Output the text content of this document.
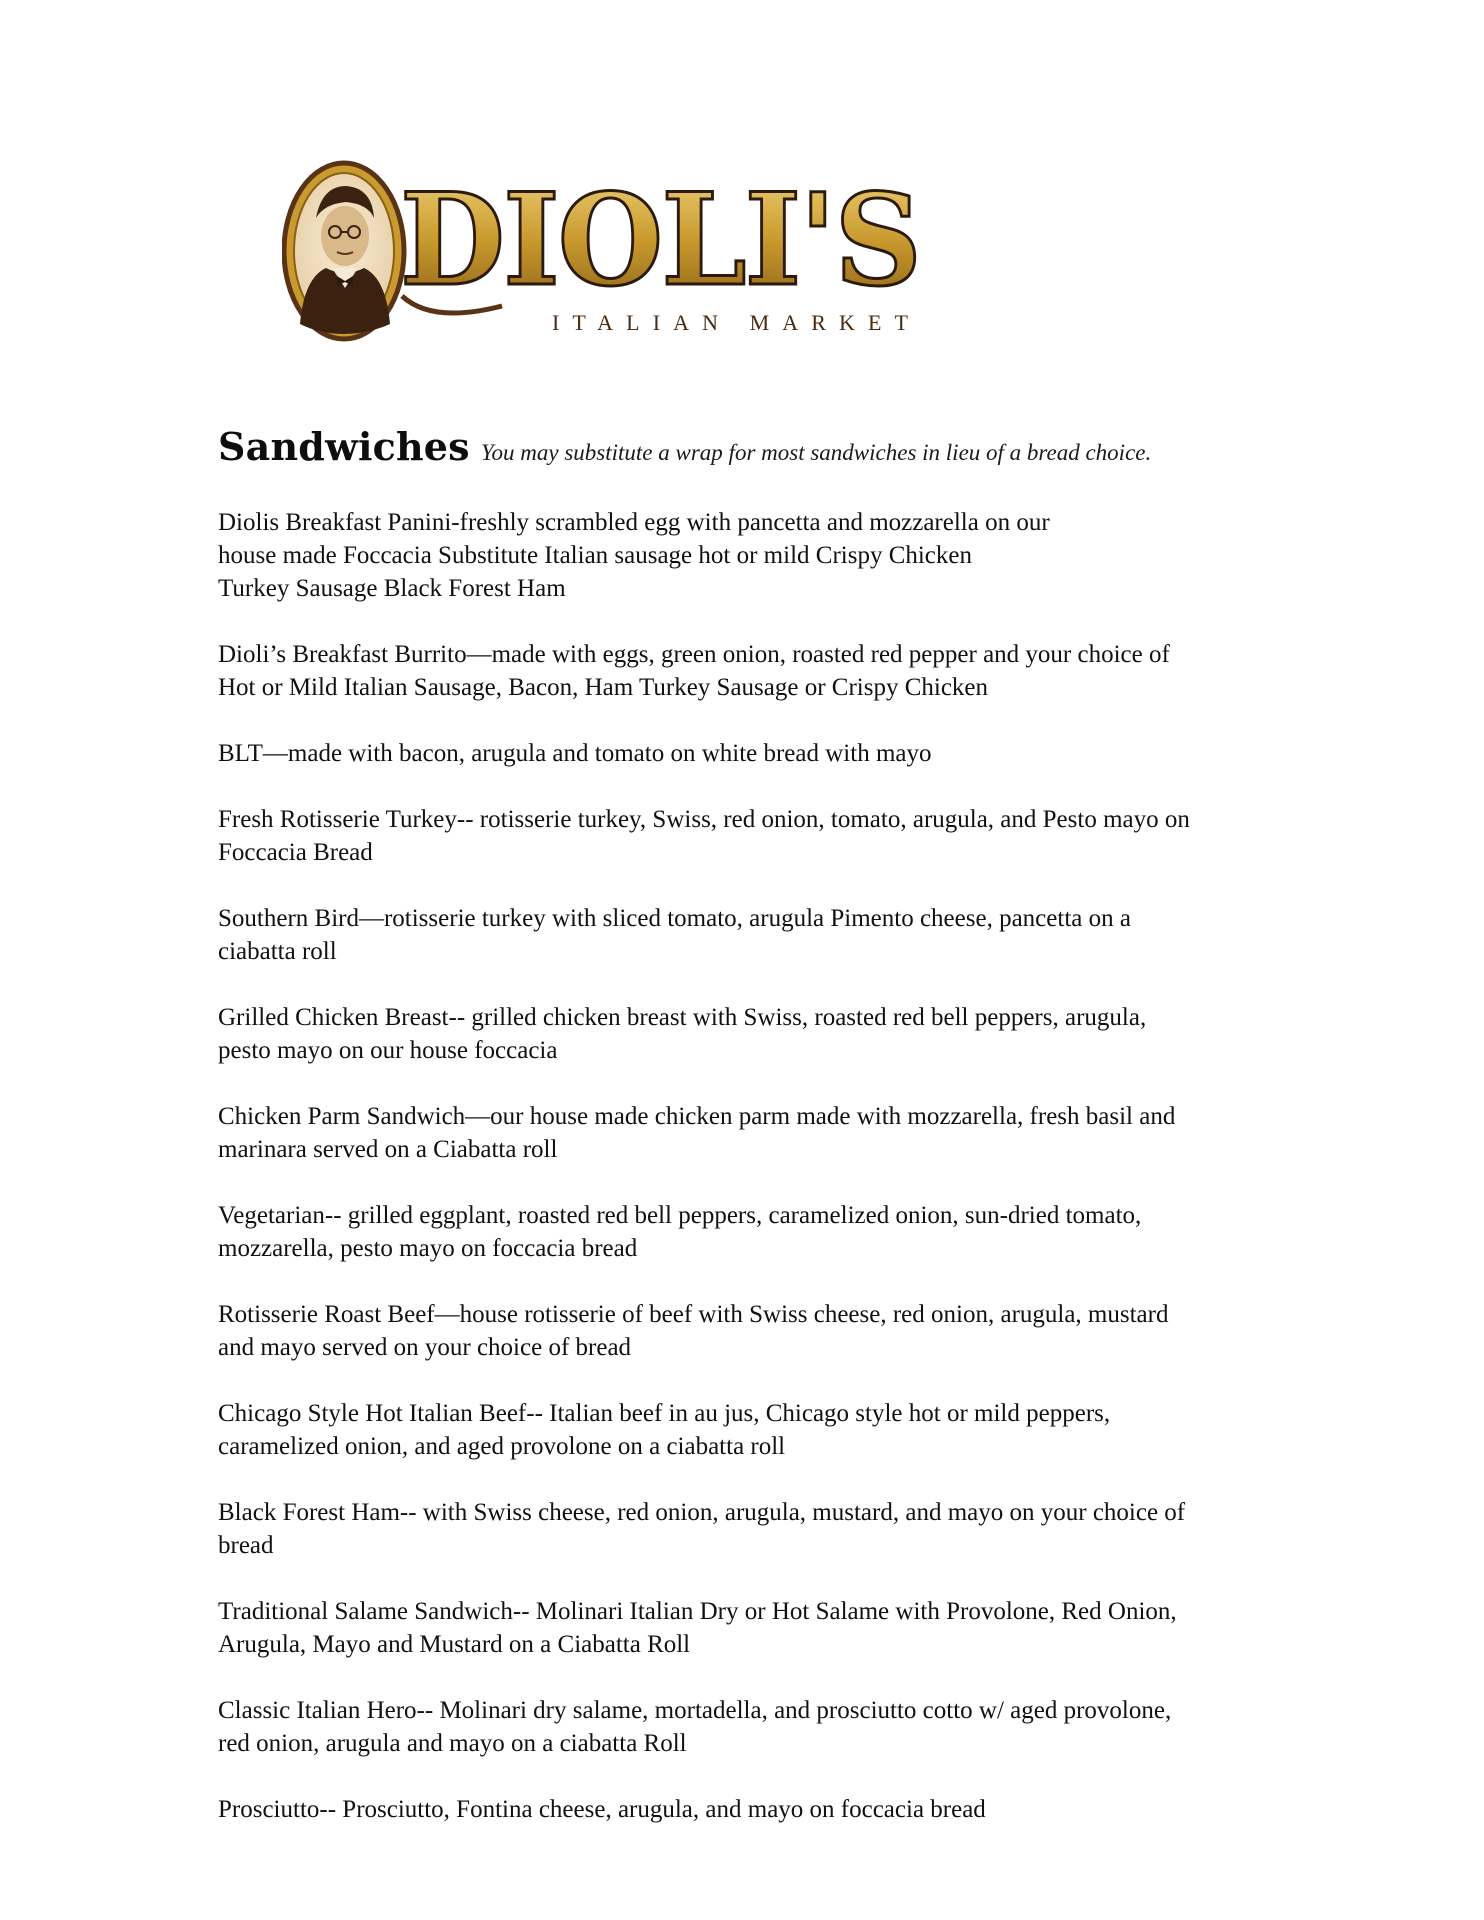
DIOLI'S
ITALIAN MARKET
Sandwiches You may substitute a wrap for most sandwiches in lieu of a bread choice.
Diolis Breakfast Panini-freshly scrambled egg with pancetta and mozzarella on our
house made Foccacia Substitute Italian sausage hot or mild Crispy Chicken
Turkey Sausage Black Forest Ham
Dioli’s Breakfast Burrito—made with eggs, green onion, roasted red pepper and your choice of
Hot or Mild Italian Sausage, Bacon, Ham Turkey Sausage or Crispy Chicken
BLT—made with bacon, arugula and tomato on white bread with mayo
Fresh Rotisserie Turkey-- rotisserie turkey, Swiss, red onion, tomato, arugula, and Pesto mayo on
Foccacia Bread
Southern Bird—rotisserie turkey with sliced tomato, arugula Pimento cheese, pancetta on a
ciabatta roll
Grilled Chicken Breast-- grilled chicken breast with Swiss, roasted red bell peppers, arugula,
pesto mayo on our house foccacia
Chicken Parm Sandwich—our house made chicken parm made with mozzarella, fresh basil and
marinara served on a Ciabatta roll
Vegetarian-- grilled eggplant, roasted red bell peppers, caramelized onion, sun-dried tomato,
mozzarella, pesto mayo on foccacia bread
Rotisserie Roast Beef—house rotisserie of beef with Swiss cheese, red onion, arugula, mustard
and mayo served on your choice of bread
Chicago Style Hot Italian Beef-- Italian beef in au jus, Chicago style hot or mild peppers,
caramelized onion, and aged provolone on a ciabatta roll
Black Forest Ham-- with Swiss cheese, red onion, arugula, mustard, and mayo on your choice of
bread
Traditional Salame Sandwich-- Molinari Italian Dry or Hot Salame with Provolone, Red Onion,
Arugula, Mayo and Mustard on a Ciabatta Roll
Classic Italian Hero-- Molinari dry salame, mortadella, and prosciutto cotto w/ aged provolone,
red onion, arugula and mayo on a ciabatta Roll
Prosciutto-- Prosciutto, Fontina cheese, arugula, and mayo on foccacia bread
